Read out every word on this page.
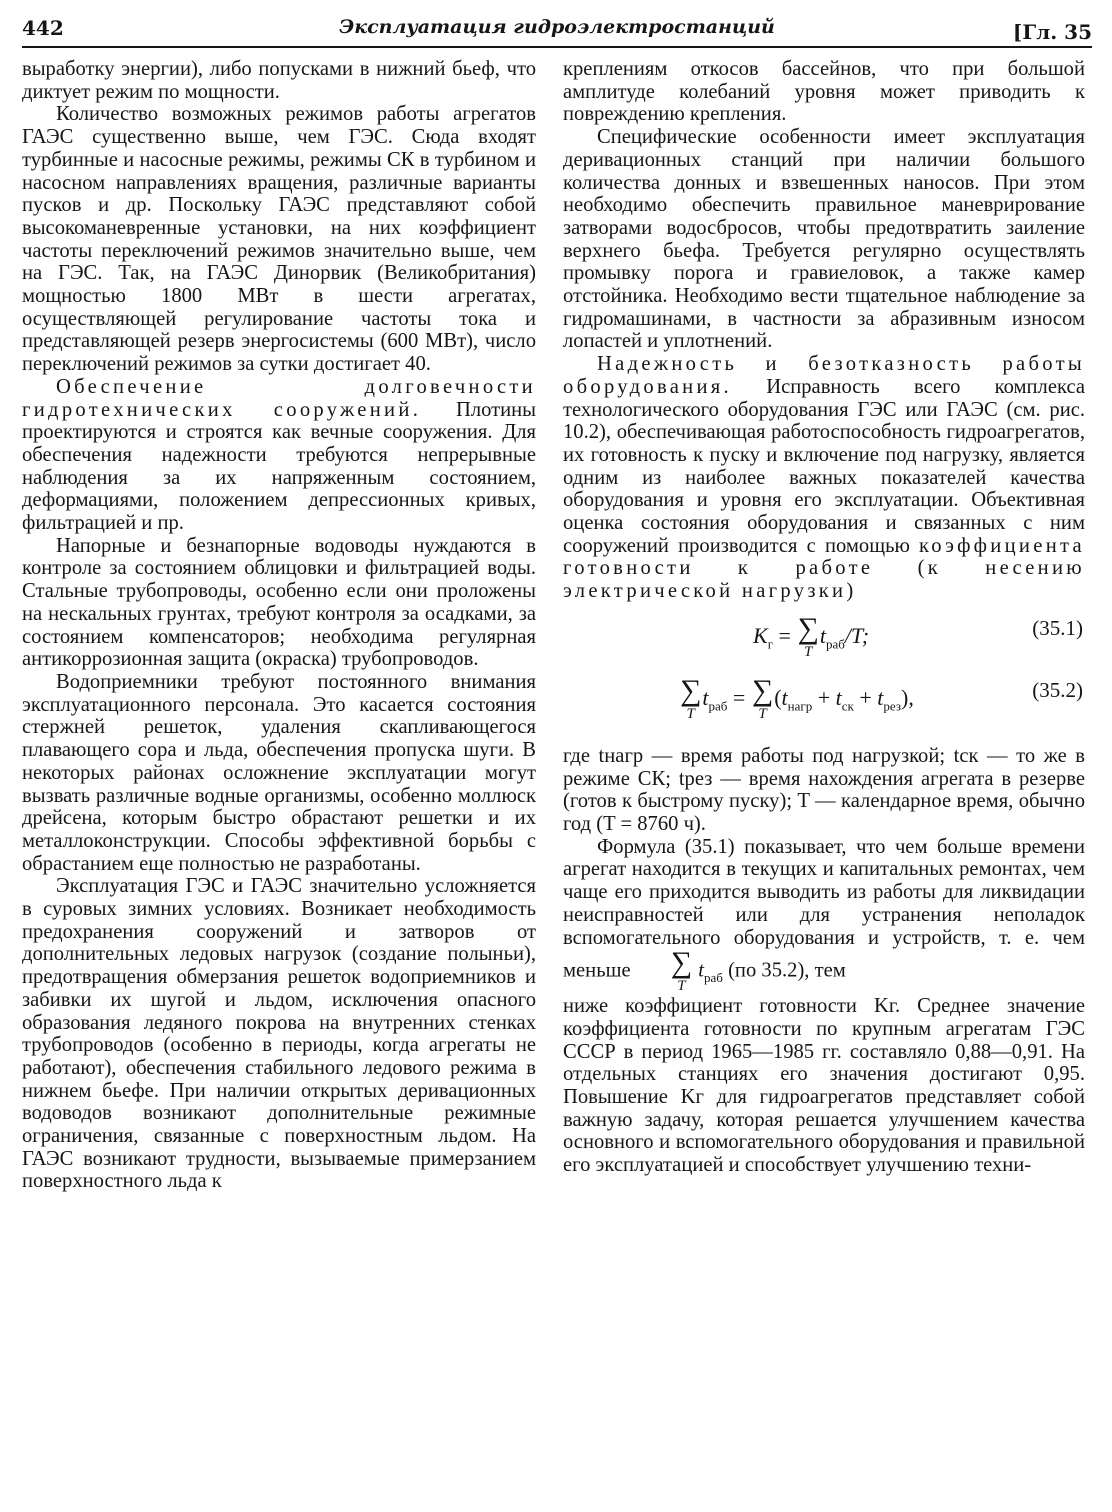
442	Эксплуатация гидроэлектростанций	[Гл. 35

выработку энергии), либо попусками в нижний бьеф, что диктует режим по мощности.

Количество возможных режимов работы агрегатов ГАЭС существенно выше, чем ГЭС. Сюда входят турбинные и насосные режимы, режимы СК в турбином и насосном направлениях вращения, различные варианты пусков и др. Поскольку ГАЭС представляют собой высокоманевренные установки, на них коэффициент частоты переключений режимов значительно выше, чем на ГЭС. Так, на ГАЭС Динорвик (Великобритания) мощностью 1800 МВт в шести агрегатах, осуществляющей регулирование частоты тока и представляющей резерв энергосистемы (600 МВт), число переключений режимов за сутки достигает 40.

Обеспечение долговечности гидротехнических сооружений. Плотины проектируются и строятся как вечные сооружения. Для обеспечения надежности требуются непрерывные наблюдения за их напряженным состоянием, деформациями, положением депрессионных кривых, фильтрацией и пр.

Напорные и безнапорные водоводы нуждаются в контроле за состоянием облицовки и фильтрацией воды. Стальные трубопроводы, особенно если они проложены на нескальных грунтах, требуют контроля за осадками, за состоянием компенсаторов; необходима регулярная антикоррозионная защита (окраска) трубопроводов.

Водоприемники требуют постоянного внимания эксплуатационного персонала. Это касается состояния стержней решеток, удаления скапливающегося плавающего сора и льда, обеспечения пропуска шуги. В некоторых районах осложнение эксплуатации могут вызвать различные водные организмы, особенно моллюск дрейсена, которым быстро обрастают решетки и их металлоконструкции. Способы эффективной борьбы с обрастанием еще полностью не разработаны.

Эксплуатация ГЭС и ГАЭС значительно усложняется в суровых зимних условиях. Возникает необходимость предохранения сооружений и затворов от дополнительных ледовых нагрузок (создание полыньи), предотвращения обмерзания решеток водоприемников и забивки их шугой и льдом, исключения опасного образования ледяного покрова на внутренних стенках трубопроводов (особенно в периоды, когда агрегаты не работают), обеспечения стабильного ледового режима в нижнем бьефе. При наличии открытых деривационных водоводов возникают дополнительные режимные ограничения, связанные с поверхностным льдом. На ГАЭС возникают трудности, вызываемые примерзанием поверхностного льда к

креплениям откосов бассейнов, что при большой амплитуде колебаний уровня может приводить к повреждению крепления.

Специфические особенности имеет эксплуатация деривационных станций при наличии большого количества донных и взвешенных наносов. При этом необходимо обеспечить правильное маневрирование затворами водосбросов, чтобы предотвратить заиление верхнего бьефа. Требуется регулярно осуществлять промывку порога и гравиеловок, а также камер отстойника. Необходимо вести тщательное наблюдение за гидромашинами, в частности за абразивным износом лопастей и уплотнений.

Надежность и безотказность работы оборудования. Исправность всего комплекса технологического оборудования ГЭС или ГАЭС (см. рис. 10.2), обеспечивающая работоспособность гидроагрегатов, их готовность к пуску и включение под нагрузку, является одним из наиболее важных показателей качества оборудования и уровня его эксплуатации. Объективная оценка состояния оборудования и связанных с ним сооружений производится с помощью коэффициента готовности к работе (к несению электрической нагрузки)

$K_г$ = ∑
T
$t_{раб}/T$;	(35.1)
∑
T
$t_{раб}$ = ∑
T
$(t_{нагр} + t_{ск} + t_{рез})$,	(35.2)

где tнагр — время работы под нагрузкой; tск — то же в режиме СК; tрез — время нахождения агрегата в резерве (готов к быстрому пуску); T — календарное время, обычно год (T = 8760 ч).

Формула (35.1) показывает, что чем больше времени агрегат находится в текущих и капитальных ремонтах, чем чаще его приходится выводить из работы для ликвидации неисправностей или для устранения неполадок вспомогательного оборудования и устройств, т. е. чем меньше	∑
T
$t_{раб}$ (по 35.2), тем

ниже коэффициент готовности Kг. Среднее значение коэффициента готовности по крупным агрегатам ГЭС СССР в период 1965—1985 гг. составляло 0,88—0,91. На отдельных станциях его значения достигают 0,95. Повышение Kг для гидроагрегатов представляет собой важную задачу, которая решается улучшением качества основного и вспомогательного оборудования и правильной его эксплуатацией и способствует улучшению техни-
